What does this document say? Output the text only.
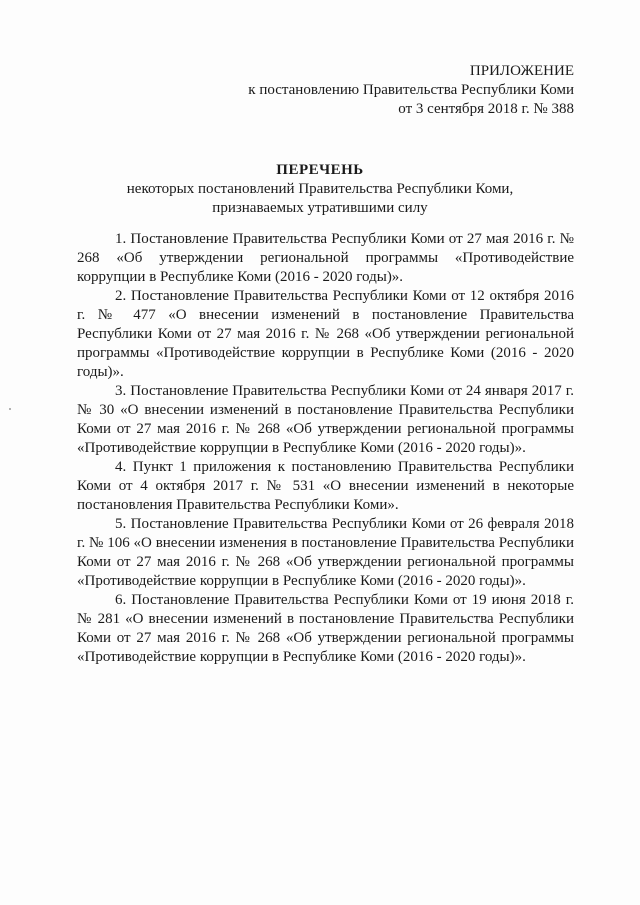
ПРИЛОЖЕНИЕ
к постановлению Правительства Республики Коми
от 3 сентября 2018 г. № 388
ПЕРЕЧЕНЬ
некоторых постановлений Правительства Республики Коми,
признаваемых утратившими силу

1. Постановление Правительства Республики Коми от 27 мая 2016 г. № 268 «Об утверждении региональной программы «Противодействие коррупции в Республике Коми (2016 - 2020 годы)».

2. Постановление Правительства Республики Коми от 12 октября 2016 г. № 477 «О внесении изменений в постановление Правительства Республики Коми от 27 мая 2016 г. № 268 «Об утверждении региональной программы «Противодействие коррупции в Республике Коми (2016 - 2020 годы)».

3. Постановление Правительства Республики Коми от 24 января 2017 г. № 30 «О внесении изменений в постановление Правительства Республики Коми от 27 мая 2016 г. № 268 «Об утверждении региональной программы «Противодействие коррупции в Республике Коми (2016 - 2020 годы)».

4. Пункт 1 приложения к постановлению Правительства Республики Коми от 4 октября 2017 г. № 531 «О внесении изменений в некоторые постановления Правительства Республики Коми».

5. Постановление Правительства Республики Коми от 26 февраля 2018 г. № 106 «О внесении изменения в постановление Правительства Республики Коми от 27 мая 2016 г. № 268 «Об утверждении региональной программы «Противодействие коррупции в Республике Коми (2016 - 2020 годы)».

6. Постановление Правительства Республики Коми от 19 июня 2018 г. № 281 «О внесении изменений в постановление Правительства Республики Коми от 27 мая 2016 г. № 268 «Об утверждении региональной программы «Противодействие коррупции в Республике Коми (2016 - 2020 годы)».
